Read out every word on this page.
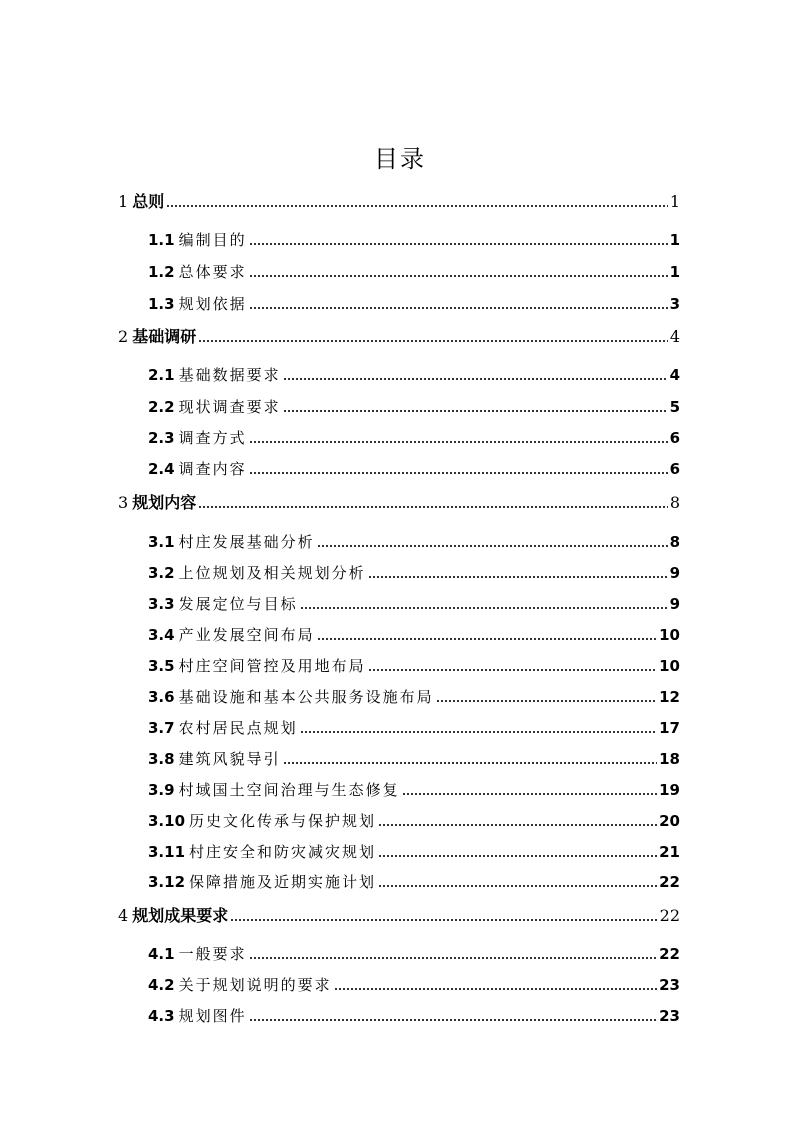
目录
1 总则	1
1.1 编制目的	1
1.2 总体要求	1
1.3 规划依据	3
2 基础调研	4
2.1 基础数据要求	4
2.2 现状调查要求	5
2.3 调查方式	6
2.4 调查内容	6
3 规划内容	8
3.1 村庄发展基础分析	8
3.2 上位规划及相关规划分析	9
3.3 发展定位与目标	9
3.4 产业发展空间布局	10
3.5 村庄空间管控及用地布局	10
3.6 基础设施和基本公共服务设施布局	12
3.7 农村居民点规划	17
3.8 建筑风貌导引	18
3.9 村域国土空间治理与生态修复	19
3.10 历史文化传承与保护规划	20
3.11 村庄安全和防灾减灾规划	21
3.12 保障措施及近期实施计划	22
4 规划成果要求	22
4.1 一般要求	22
4.2 关于规划说明的要求	23
4.3 规划图件	23
